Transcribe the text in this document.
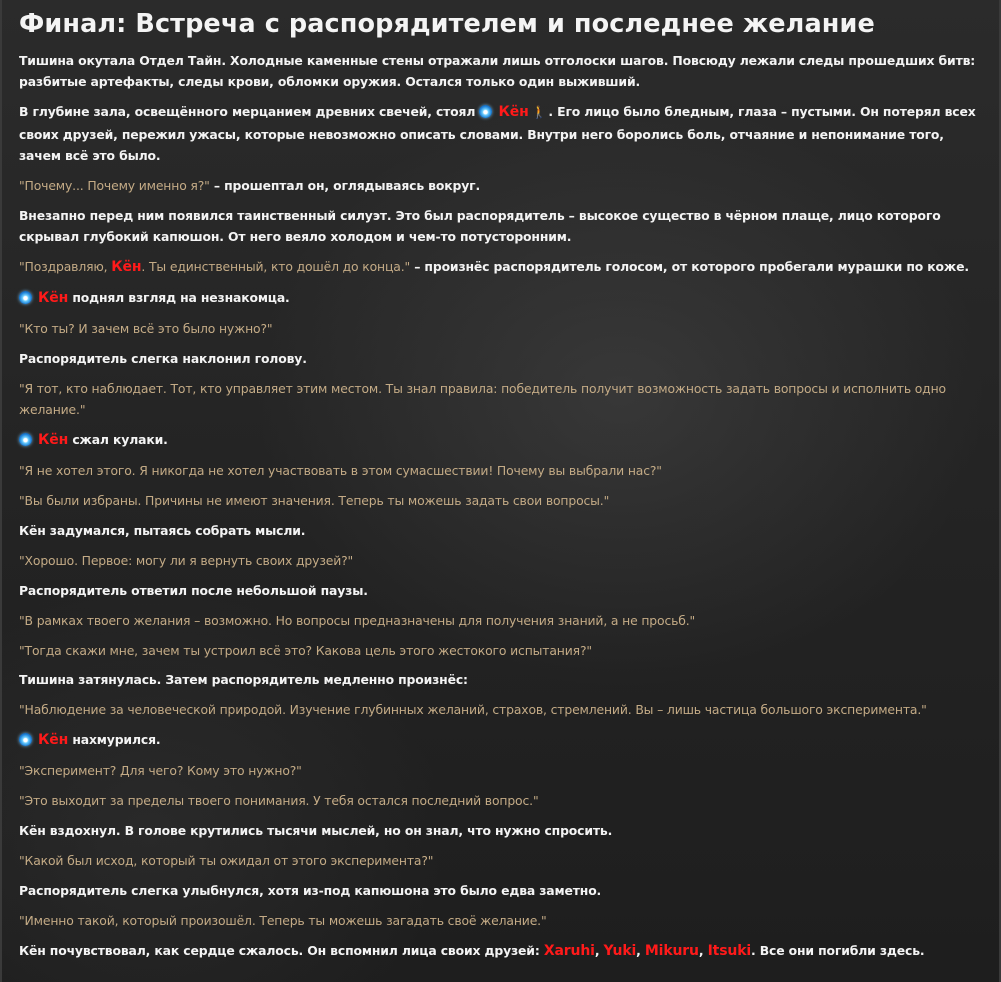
Финал: Встреча с распорядителем и последнее желание
Тишина окутала Отдел Тайн. Холодные каменные стены отражали лишь отголоски шагов. Повсюду лежали следы прошедших битв: разбитые артефакты, следы крови, обломки оружия. Остался только один выживший.
В глубине зала, освещённого мерцанием древних свечей, стоял Кён 🚶 . Его лицо было бледным, глаза – пустыми. Он потерял всех своих друзей, пережил ужасы, которые невозможно описать словами. Внутри него боролись боль, отчаяние и непонимание того, зачем всё это было.
"Почему... Почему именно я?" – прошептал он, оглядываясь вокруг.
Внезапно перед ним появился таинственный силуэт. Это был распорядитель – высокое существо в чёрном плаще, лицо которого скрывал глубокий капюшон. От него веяло холодом и чем-то потусторонним.
"Поздравляю, Кён. Ты единственный, кто дошёл до конца." – произнёс распорядитель голосом, от которого пробегали мурашки по коже.
Кён поднял взгляд на незнакомца.
"Кто ты? И зачем всё это было нужно?"
Распорядитель слегка наклонил голову.
"Я тот, кто наблюдает. Тот, кто управляет этим местом. Ты знал правила: победитель получит возможность задать вопросы и исполнить одно желание."
Кён сжал кулаки.
"Я не хотел этого. Я никогда не хотел участвовать в этом сумасшествии! Почему вы выбрали нас?"
"Вы были избраны. Причины не имеют значения. Теперь ты можешь задать свои вопросы."
Кён задумался, пытаясь собрать мысли.
"Хорошо. Первое: могу ли я вернуть своих друзей?"
Распорядитель ответил после небольшой паузы.
"В рамках твоего желания – возможно. Но вопросы предназначены для получения знаний, а не просьб."
"Тогда скажи мне, зачем ты устроил всё это? Какова цель этого жестокого испытания?"
Тишина затянулась. Затем распорядитель медленно произнёс:
"Наблюдение за человеческой природой. Изучение глубинных желаний, страхов, стремлений. Вы – лишь частица большого эксперимента."
Кён нахмурился.
"Эксперимент? Для чего? Кому это нужно?"
"Это выходит за пределы твоего понимания. У тебя остался последний вопрос."
Кён вздохнул. В голове крутились тысячи мыслей, но он знал, что нужно спросить.
"Какой был исход, который ты ожидал от этого эксперимента?"
Распорядитель слегка улыбнулся, хотя из-под капюшона это было едва заметно.
"Именно такой, который произошёл. Теперь ты можешь загадать своё желание."
Кён почувствовал, как сердце сжалось. Он вспомнил лица своих друзей: Xaruhi, Yuki, Mikuru, Itsuki. Все они погибли здесь.
